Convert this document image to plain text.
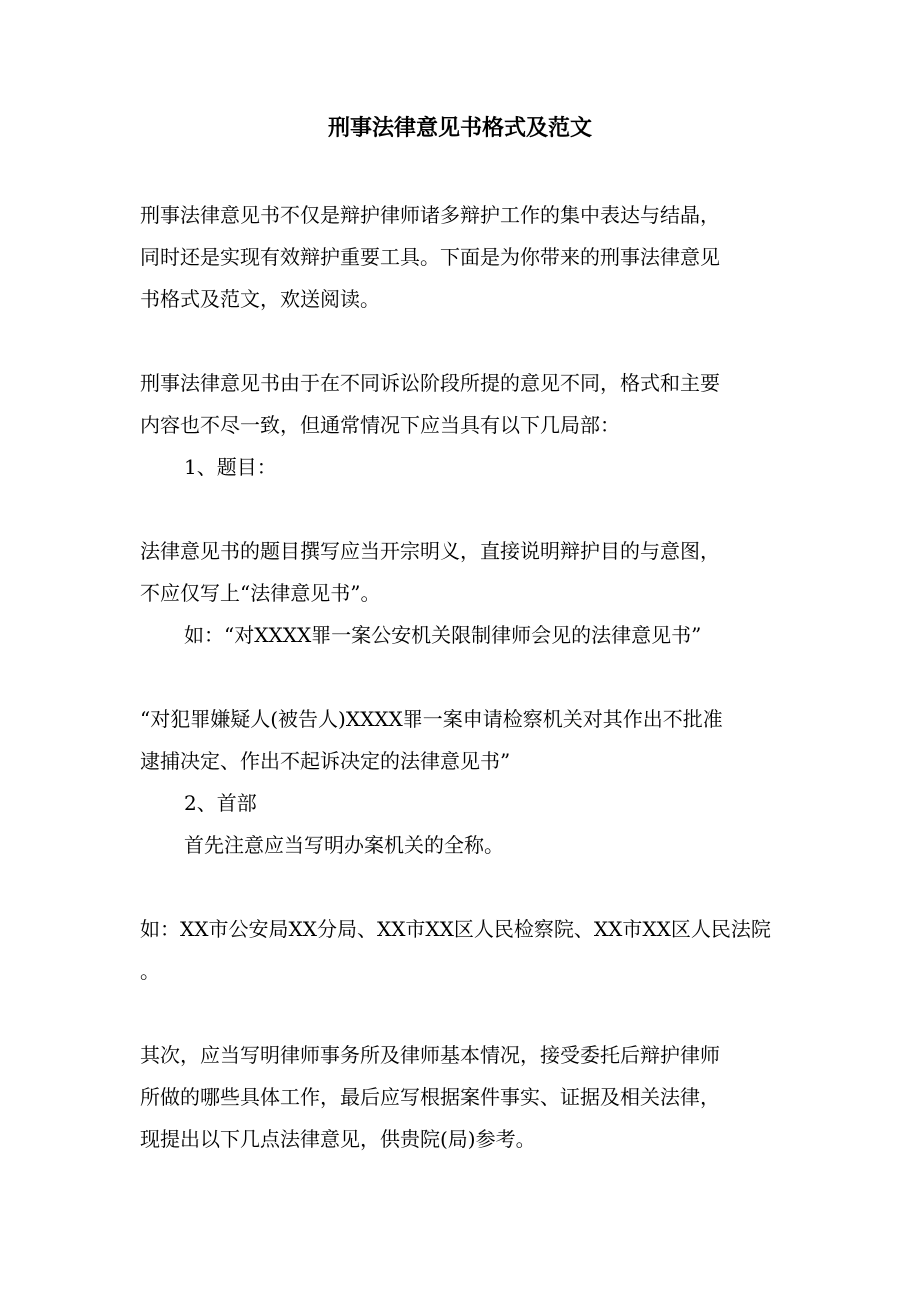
刑事法律意见书格式及范文
刑事法律意见书不仅是辩护律师诸多辩护工作的集中表达与结晶，
同时还是实现有效辩护重要工具。下面是为你带来的刑事法律意见
书格式及范文，欢送阅读。
刑事法律意见书由于在不同诉讼阶段所提的意见不同，格式和主要
内容也不尽一致，但通常情况下应当具有以下几局部：
1、题目：
法律意见书的题目撰写应当开宗明义，直接说明辩护目的与意图，
不应仅写上“法律意见书”。
如：“对XXXX罪一案公安机关限制律师会见的法律意见书”
“对犯罪嫌疑人(被告人)XXXX罪一案申请检察机关对其作出不批准
逮捕决定、作出不起诉决定的法律意见书”
2、首部
首先注意应当写明办案机关的全称。
如：XX市公安局XX分局、XX市XX区人民检察院、XX市XX区人民法院
。
其次，应当写明律师事务所及律师基本情况，接受委托后辩护律师
所做的哪些具体工作，最后应写根据案件事实、证据及相关法律，
现提出以下几点法律意见，供贵院(局)参考。
